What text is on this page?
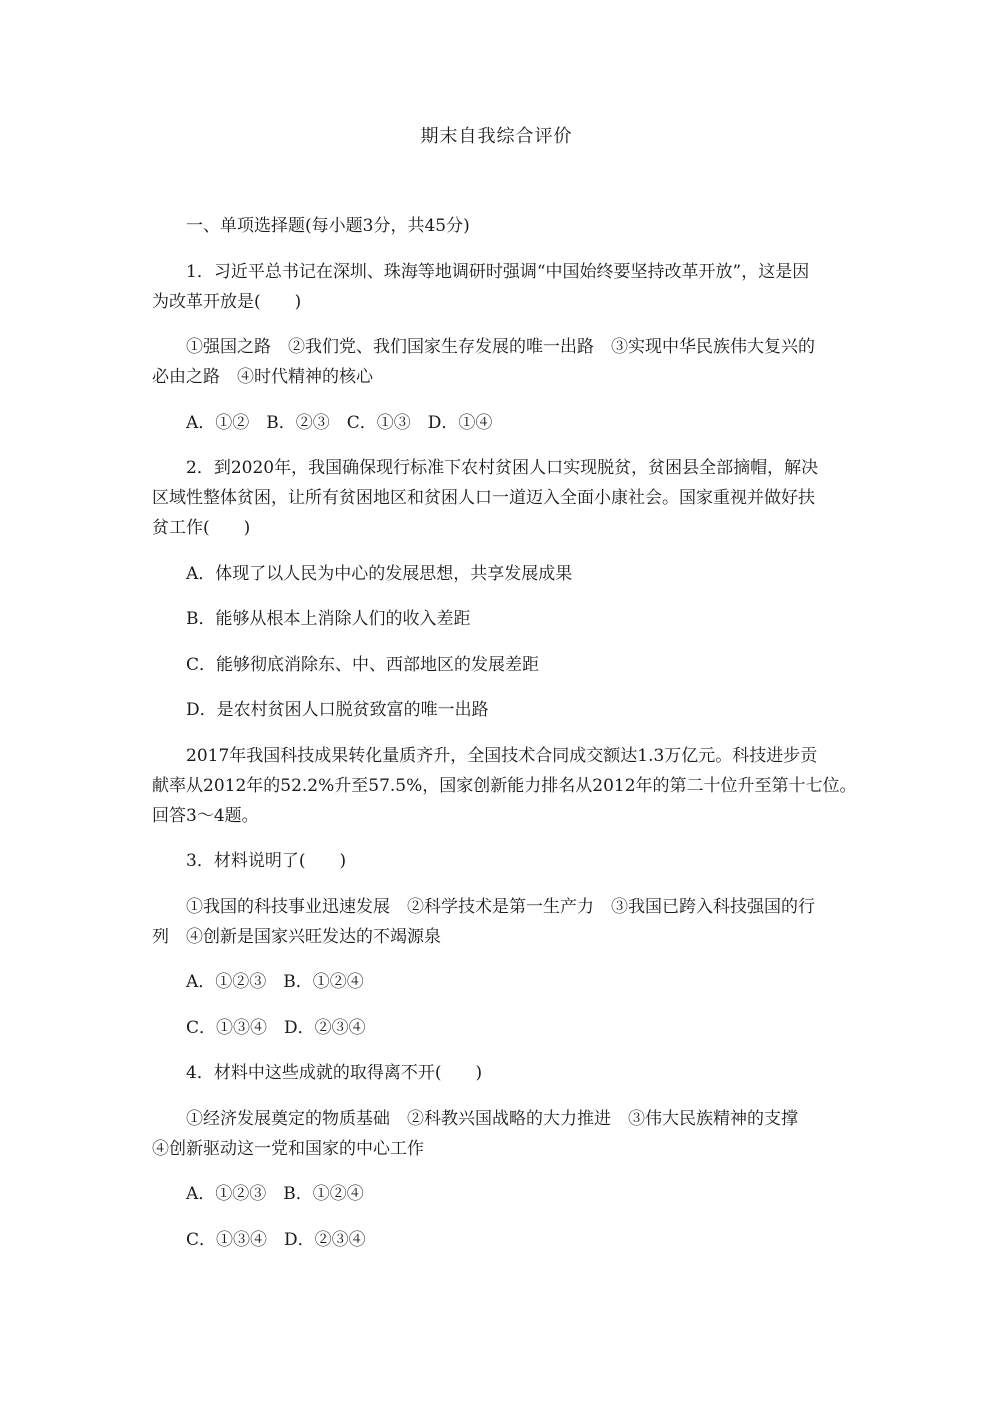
期末自我综合评价
一、单项选择题(每小题3分，共45分)
1．习近平总书记在深圳、珠海等地调研时强调“中国始终要坚持改革开放”，这是因
为改革开放是(　　)
①强国之路　②我们党、我们国家生存发展的唯一出路　③实现中华民族伟大复兴的
必由之路　④时代精神的核心
A．①②　B．②③　C．①③　D．①④
2．到2020年，我国确保现行标准下农村贫困人口实现脱贫，贫困县全部摘帽，解决
区域性整体贫困，让所有贫困地区和贫困人口一道迈入全面小康社会。国家重视并做好扶
贫工作(　　)
A．体现了以人民为中心的发展思想，共享发展成果
B．能够从根本上消除人们的收入差距
C．能够彻底消除东、中、西部地区的发展差距
D．是农村贫困人口脱贫致富的唯一出路
2017年我国科技成果转化量质齐升，全国技术合同成交额达1.3万亿元。科技进步贡
献率从2012年的52.2%升至57.5%，国家创新能力排名从2012年的第二十位升至第十七位。
回答3～4题。
3．材料说明了(　　)
①我国的科技事业迅速发展　②科学技术是第一生产力　③我国已跨入科技强国的行
列　④创新是国家兴旺发达的不竭源泉
A．①②③　B．①②④
C．①③④　D．②③④
4．材料中这些成就的取得离不开(　　)
①经济发展奠定的物质基础　②科教兴国战略的大力推进　③伟大民族精神的支撑
④创新驱动这一党和国家的中心工作
A．①②③　B．①②④
C．①③④　D．②③④
